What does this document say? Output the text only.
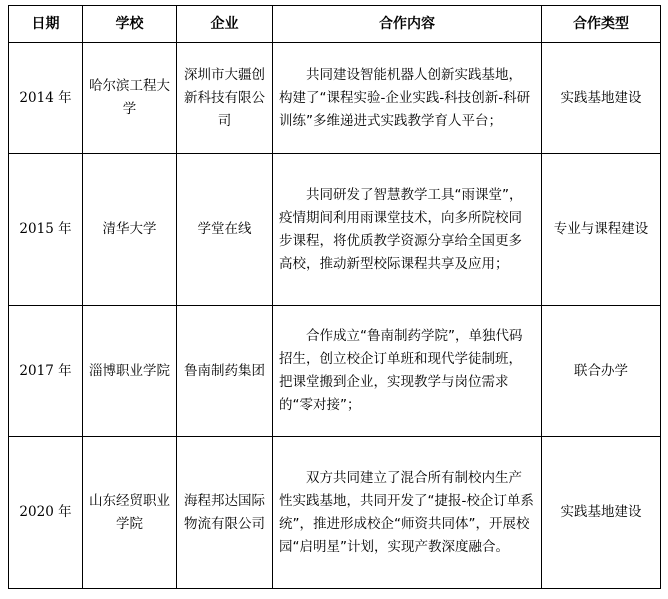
日期	学校	企业	合作内容	合作类型
2014 年	哈尔滨工程大学	深圳市大疆创新科技有限公司	共同建设智能机器人创新实践基地，构建了“课程实验-企业实践-科技创新-科研训练”多维递进式实践教学育人平台；	实践基地建设
2015 年	清华大学	学堂在线	共同研发了智慧教学工具“雨课堂”，疫情期间利用雨课堂技术，向多所院校同步课程，将优质教学资源分享给全国更多高校，推动新型校际课程共享及应用；	专业与课程建设
2017 年	淄博职业学院	鲁南制药集团	合作成立“鲁南制药学院”，单独代码招生，创立校企订单班和现代学徒制班，把课堂搬到企业，实现教学与岗位需求的“零对接”；	联合办学
2020 年	山东经贸职业学院	海程邦达国际物流有限公司	双方共同建立了混合所有制校内生产性实践基地，共同开发了“捷报-校企订单系统”，推进形成校企“师资共同体”，开展校园“启明星”计划，实现产教深度融合。	实践基地建设
